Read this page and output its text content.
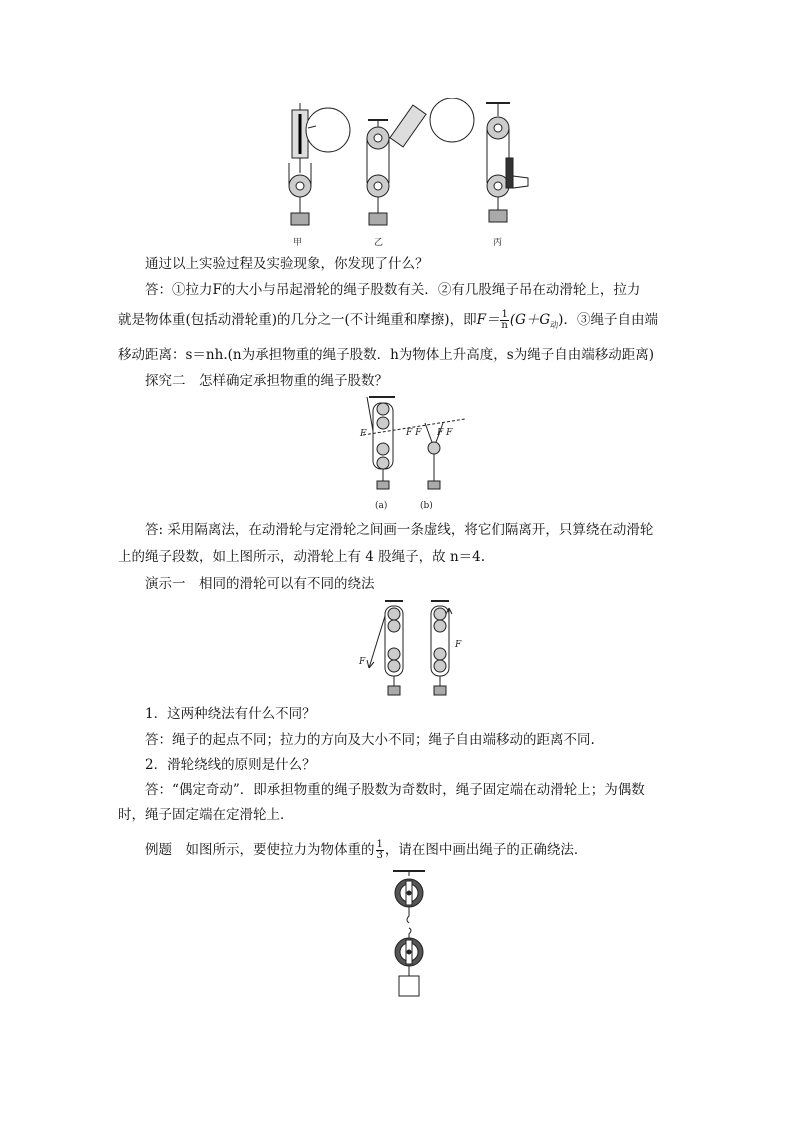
甲	乙	丙
通过以上实验过程及实验现象，你发现了什么？
答：①拉力F的大小与吊起滑轮的绳子股数有关．②有几股绳子吊在动滑轮上，拉力
就是物体重(包括动滑轮重)的几分之一(不计绳重和摩擦)，即$F= \frac{1}{n} (G+G_动)$．③绳子自由端
移动距离：s＝nh.(n为承担物重的绳子股数．h为物体上升高度，s为绳子自由端移动距离)
探究二　怎样确定承担物重的绳子股数？
F	F F F F
(a)	(b)
答: 采用隔离法，在动滑轮与定滑轮之间画一条虚线，将它们隔离开，只算绕在动滑轮
上的绳子段数，如上图所示，动滑轮上有 4 股绳子，故 n＝4.
演示一　相同的滑轮可以有不同的绕法
F
F
1．这两种绕法有什么不同？
答：绳子的起点不同；拉力的方向及大小不同；绳子自由端移动的距离不同.
2．滑轮绕线的原则是什么？
答：“偶定奇动”．即承担物重的绳子股数为奇数时，绳子固定端在动滑轮上；为偶数
时，绳子固定端在定滑轮上．
例题　如图所示，要使拉力为物体重的 $\frac{1}{3}$ ，请在图中画出绳子的正确绕法．
